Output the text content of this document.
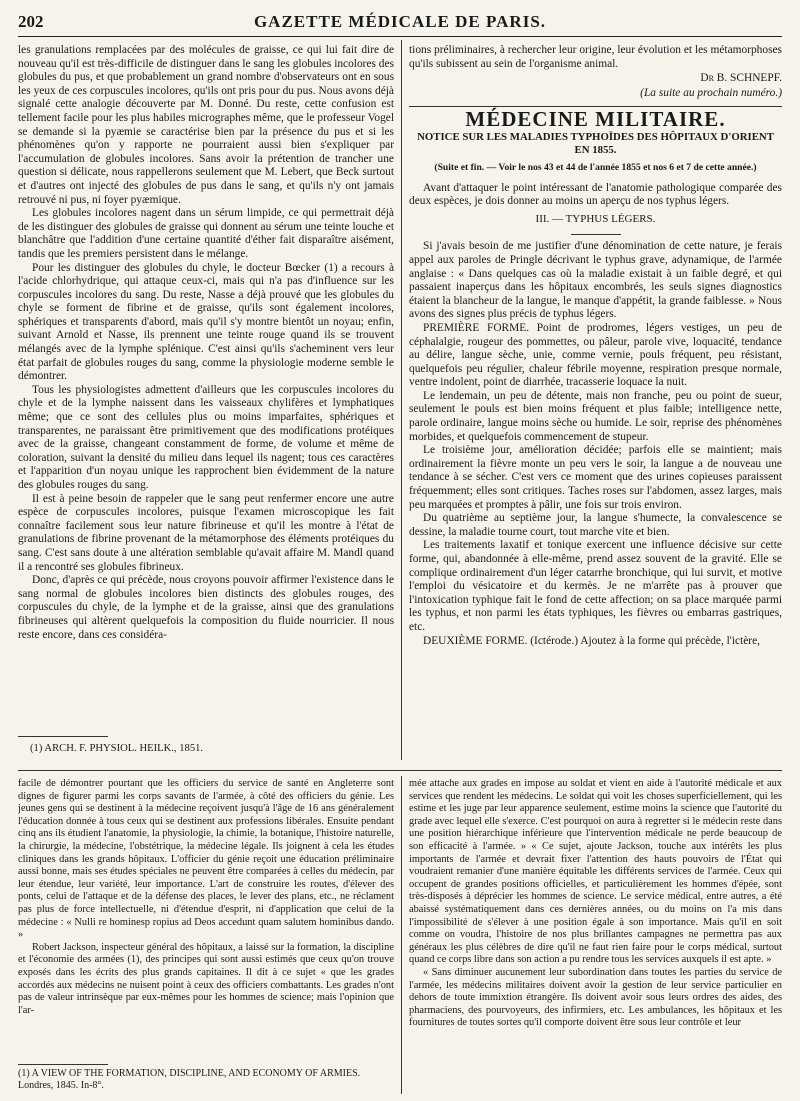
202	GAZETTE MÉDICALE DE PARIS.

les granulations remplacées par des molécules de graisse, ce qui lui fait dire de nouveau qu'il est très-difficile de distinguer dans le sang les globules incolores des globules du pus, et que probablement un grand nombre d'observateurs ont en sous les yeux de ces corpuscules incolores, qu'ils ont pris pour du pus. Nous avons déjà signalé cette analogie découverte par M. Donné. Du reste, cette confusion est tellement facile pour les plus habiles micrographes même, que le professeur Vogel se demande si la pyæmie se caractérise bien par la présence du pus et si les phénomènes qu'on y rapporte ne pourraient aussi bien s'expliquer par l'accumulation de globules incolores. Sans avoir la prétention de trancher une question si délicate, nous rappellerons seulement que M. Lebert, que Beck surtout et d'autres ont injecté des globules de pus dans le sang, et qu'ils n'y ont jamais retrouvé ni pus, ni foyer pyæmique.

Les globules incolores nagent dans un sérum limpide, ce qui permettrait déjà de les distinguer des globules de graisse qui donnent au sérum une teinte louche et blanchâtre que l'addition d'une certaine quantité d'éther fait disparaître aisément, tandis que les premiers persistent dans le mélange.

Pour les distinguer des globules du chyle, le docteur Bœcker (1) a recours à l'acide chlorhydrique, qui attaque ceux-ci, mais qui n'a pas d'influence sur les corpuscules incolores du sang. Du reste, Nasse a déjà prouvé que les globules du chyle se forment de fibrine et de graisse, qu'ils sont également incolores, sphériques et transparents d'abord, mais qu'il s'y montre bientôt un noyau; enfin, suivant Arnold et Nasse, ils prennent une teinte rouge quand ils se trouvent mélangés avec de la lymphe splénique. C'est ainsi qu'ils s'acheminent vers leur état parfait de globules rouges du sang, comme la physiologie moderne semble le démontrer.

Tous les physiologistes admettent d'ailleurs que les corpuscules incolores du chyle et de la lymphe naissent dans les vaisseaux chylifères et lymphatiques même; que ce sont des cellules plus ou moins imparfaites, sphériques et transparentes, ne paraissant être primitivement que des modifications protéiques avec de la graisse, changeant constamment de forme, de volume et même de coloration, suivant la densité du milieu dans lequel ils nagent; tous ces caractères et l'apparition d'un noyau unique les rapprochent bien évidemment de la nature des globules rouges du sang.

Il est à peine besoin de rappeler que le sang peut renfermer encore une autre espèce de corpuscules incolores, puisque l'examen microscopique les fait connaître facilement sous leur nature fibrineuse et qu'il les montre à l'état de granulations de fibrine provenant de la métamorphose des éléments protéiques du sang. C'est sans doute à une altération semblable qu'avait affaire M. Mandl quand il a rencontré ses globules fibrineux.

Donc, d'après ce qui précède, nous croyons pouvoir affirmer l'existence dans le sang normal de globules incolores bien distincts des globules rouges, des corpuscules du chyle, de la lymphe et de la graisse, ainsi que des granulations fibrineuses qui altèrent quelquefois la composition du fluide nourricier. Il nous reste encore, dans ces considéra-

(1) ARCH. F. PHYSIOL. HEILK., 1851.

tions préliminaires, à rechercher leur origine, leur évolution et les métamorphoses qu'ils subissent au sein de l'organisme animal.

Dr B. SCHNEPF.

(La suite au prochain numéro.)

MÉDECINE MILITAIRE.
NOTICE SUR LES MALADIES TYPHOÏDES DES HÔPITAUX D'ORIENT EN 1855.
(Suite et fin. — Voir le nos 43 et 44 de l'année 1855 et nos 6 et 7 de cette année.)

Avant d'attaquer le point intéressant de l'anatomie pathologique comparée des deux espèces, je dois donner au moins un aperçu de nos typhus légers.

III. — TYPHUS LÉGERS.

Si j'avais besoin de me justifier d'une dénomination de cette nature, je ferais appel aux paroles de Pringle décrivant le typhus grave, adynamique, de l'armée anglaise : « Dans quelques cas où la maladie existait à un faible degré, et qui passaient inaperçus dans les hôpitaux encombrés, les seuls signes diagnostics étaient la blancheur de la langue, le manque d'appétit, la grande faiblesse. » Nous avons des signes plus précis de typhus légers.

PREMIÈRE FORME. Point de prodromes, légers vestiges, un peu de céphalalgie, rougeur des pommettes, ou pâleur, parole vive, loquacité, tendance au délire, langue sèche, unie, comme vernie, pouls fréquent, peu résistant, quelquefois peu régulier, chaleur fébrile moyenne, respiration presque normale, ventre indolent, point de diarrhée, tracasserie loquace la nuit.

Le lendemain, un peu de détente, mais non franche, peu ou point de sueur, seulement le pouls est bien moins fréquent et plus faible; intelligence nette, parole ordinaire, langue moins sèche ou humide. Le soir, reprise des phénomènes morbides, et quelquefois commencement de stupeur.

Le troisième jour, amélioration décidée; parfois elle se maintient; mais ordinairement la fièvre monte un peu vers le soir, la langue a de nouveau une tendance à se sécher. C'est vers ce moment que des urines copieuses paraissent fréquemment; elles sont critiques. Taches roses sur l'abdomen, assez larges, mais peu marquées et promptes à pâlir, une fois sur trois environ.

Du quatrième au septième jour, la langue s'humecte, la convalescence se dessine, la maladie tourne court, tout marche vite et bien.

Les traitements laxatif et tonique exercent une influence décisive sur cette forme, qui, abandonnée à elle-même, prend assez souvent de la gravité. Elle se complique ordinairement d'un léger catarrhe bronchique, qui lui survit, et motive l'emploi du vésicatoire et du kermès. Je ne m'arrête pas à prouver que l'intoxication typhique fait le fond de cette affection; on sa place marquée parmi les typhus, et non parmi les états typhiques, les fièvres ou embarras gastriques, etc.

DEUXIÈME FORME. (Ictérode.) Ajoutez à la forme qui précède, l'ictère,

facile de démontrer pourtant que les officiers du service de santé en Angleterre sont dignes de figurer parmi les corps savants de l'armée, à côté des officiers du génie. Les jeunes gens qui se destinent à la médecine reçoivent jusqu'à l'âge de 16 ans généralement l'éducation donnée à tous ceux qui se destinent aux professions libérales. Ensuite pendant cinq ans ils étudient l'anatomie, la physiologie, la chimie, la botanique, l'histoire naturelle, la chirurgie, la médecine, l'obstétrique, la médecine légale. Ils joignent à cela les études cliniques dans les grands hôpitaux. L'officier du génie reçoit une éducation préliminaire aussi bonne, mais ses études spéciales ne peuvent être comparées à celles du médecin, par leur étendue, leur variété, leur importance. L'art de construire les routes, d'élever des ponts, celui de l'attaque et de la défense des places, le lever des plans, etc., ne réclament pas plus de force intellectuelle, ni d'étendue d'esprit, ni d'application que celui de la médecine : « Nulli re hominesp ropius ad Deos accedunt quam salutem hominibus dando. »

Robert Jackson, inspecteur général des hôpitaux, a laissé sur la formation, la discipline et l'économie des armées (1), des principes qui sont aussi estimés que ceux qu'on trouve exposés dans les écrits des plus grands capitaines. Il dit à ce sujet « que les grades accordés aux médecins ne nuisent point à ceux des officiers combattants. Les grades n'ont pas de valeur intrinsèque par eux-mêmes pour les hommes de science; mais l'opinion que l'ar-

(1) A VIEW OF THE FORMATION, DISCIPLINE, AND ECONOMY OF ARMIES. Londres, 1845. In-8°.

mée attache aux grades en impose au soldat et vient en aide à l'autorité médicale et aux services que rendent les médecins. Le soldat qui voit les choses superficiellement, qui les estime et les juge par leur apparence seulement, estime moins la science que l'autorité du grade avec lequel elle s'exerce. C'est pourquoi on aura à regretter si le médecin reste dans une position hiérarchique inférieure que l'intervention médicale ne perde beaucoup de son efficacité à l'armée. » « Ce sujet, ajoute Jackson, touche aux intérêts les plus importants de l'armée et devrait fixer l'attention des hauts pouvoirs de l'État qui voudraient remanier d'une manière équitable les différents services de l'armée. Ceux qui occupent de grandes positions officielles, et particulièrement les hommes d'épée, sont très-disposés à déprécier les hommes de science. Le service médical, entre autres, a été abaissé systématiquement dans ces dernières années, ou du moins on l'a mis dans l'impossibilité de s'élever à une position égale à son importance. Mais qu'il en soit comme on voudra, l'histoire de nos plus brillantes campagnes ne permettra pas aux généraux les plus célèbres de dire qu'il ne faut rien faire pour le corps médical, surtout quand ce corps libre dans son action a pu rendre tous les services auxquels il est apte. »

« Sans diminuer aucunement leur subordination dans toutes les parties du service de l'armée, les médecins militaires doivent avoir la gestion de leur service particulier en dehors de toute immixtion étrangère. Ils doivent avoir sous leurs ordres des aides, des pharmaciens, des pourvoyeurs, des infirmiers, etc. Les ambulances, les hôpitaux et les fournitures de toutes sortes qu'il comporte doivent être sous leur contrôle et leur
